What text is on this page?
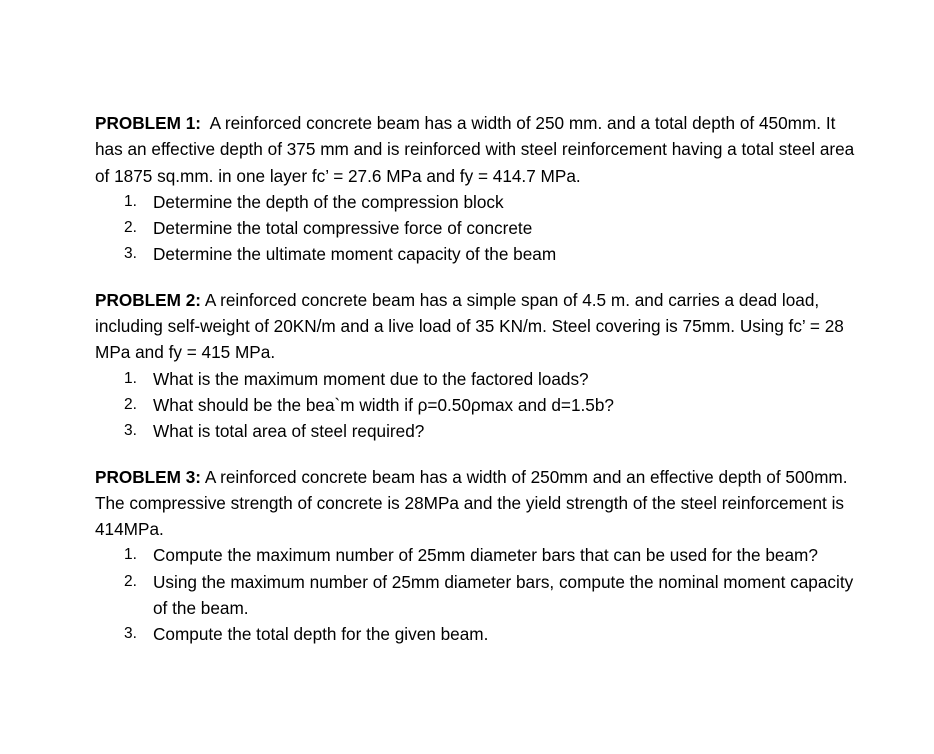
PROBLEM 1:  A reinforced concrete beam has a width of 250 mm. and a total depth of 450mm. It has an effective depth of 375 mm and is reinforced with steel reinforcement having a total steel area of 1875 sq.mm. in one layer fc’ = 27.6 MPa and fy = 414.7 MPa.

1. Determine the depth of the compression block
2. Determine the total compressive force of concrete
3. Determine the ultimate moment capacity of the beam

PROBLEM 2: A reinforced concrete beam has a simple span of 4.5 m. and carries a dead load, including self-weight of 20KN/m and a live load of 35 KN/m. Steel covering is 75mm. Using fc’ = 28 MPa and fy = 415 MPa.

1. What is the maximum moment due to the factored loads?
2. What should be the bea`m width if ρ=0.50ρmax and d=1.5b?
3. What is total area of steel required?

PROBLEM 3: A reinforced concrete beam has a width of 250mm and an effective depth of 500mm.  The compressive strength of concrete is 28MPa and the yield strength of the steel reinforcement is 414MPa.

1. Compute the maximum number of 25mm diameter bars that can be used for the beam?
2. Using the maximum number of 25mm diameter bars, compute the nominal moment capacity of the beam.
3. Compute the total depth for the given beam.
